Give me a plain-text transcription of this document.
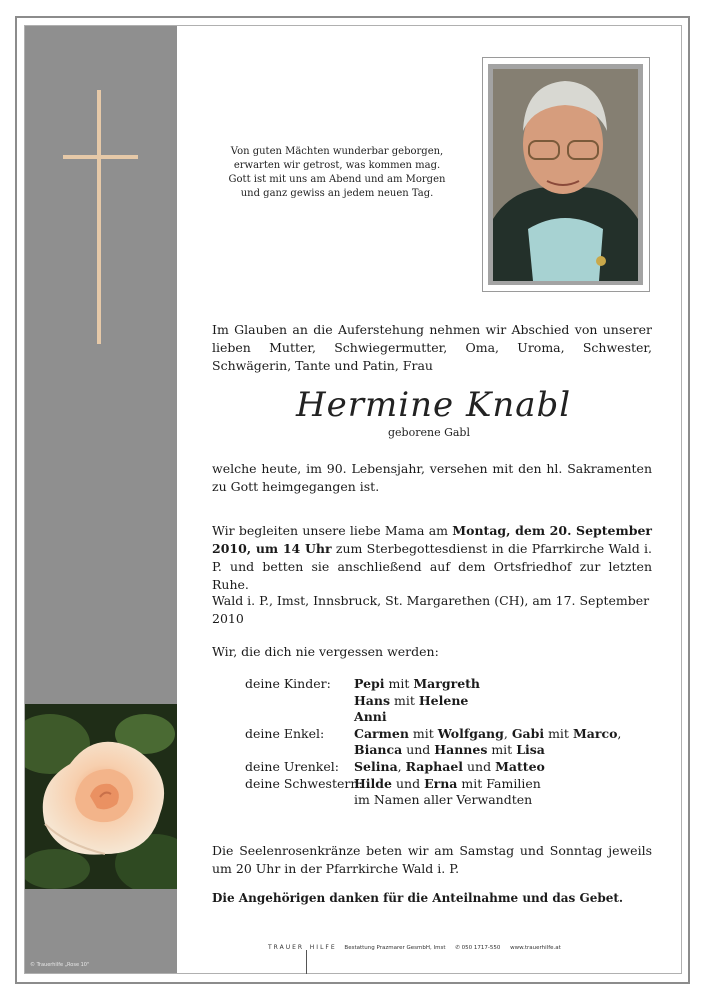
© Trauerhilfe „Rose 10"
Von guten Mächten wunderbar geborgen,
erwarten wir getrost, was kommen mag.
Gott ist mit uns am Abend und am Morgen
und ganz gewiss an jedem neuen Tag.
Im Glauben an die Auferstehung nehmen wir Abschied von unserer lieben Mutter, Schwiegermutter, Oma, Uroma, Schwester, Schwägerin, Tante und Patin, Frau
Hermine Knabl
geborene Gabl
welche heute, im 90. Lebensjahr, versehen mit den hl. Sakramenten zu Gott heimgegangen ist.
Wir begleiten unsere liebe Mama am Montag, dem 20. September 2010, um 14 Uhr zum Sterbegottesdienst in die Pfarrkirche Wald i. P. und betten sie anschließend auf dem Ortsfriedhof zur letzten Ruhe.
Wald i. P., Imst, Innsbruck, St. Margarethen (CH), am 17. September 2010
Wir, die dich nie vergessen werden:
deine Kinder:
deine Enkel:
deine Urenkel:
deine Schwestern:
Pepi mit Margreth
Hans mit Helene
Anni
Carmen mit Wolfgang, Gabi mit Marco,
Bianca und Hannes mit Lisa
Selina, Raphael und Matteo
Hilde und Erna mit Familien
im Namen aller Verwandten
Die Seelenrosenkränze beten wir am Samstag und Sonntag jeweils um 20 Uhr in der Pfarrkirche Wald i. P.
Die Angehörigen danken für die Anteilnahme und das Gebet.
TRAUER HILFE Bestattung Prazmarer GesmbH, Imst ✆ 050 1717-550 www.trauerhilfe.at
